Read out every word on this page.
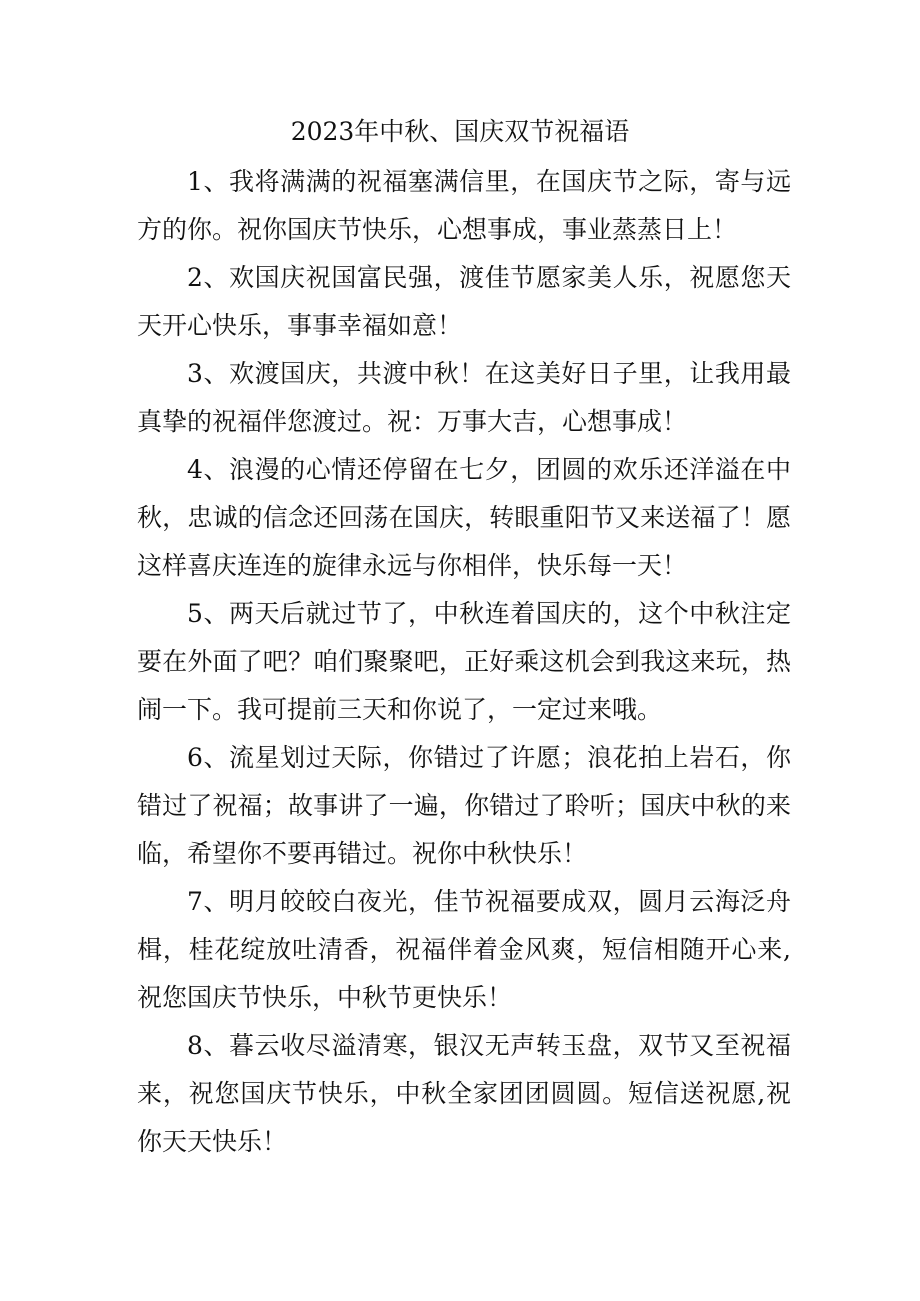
2023年中秋、国庆双节祝福语

1、我将满满的祝福塞满信里，在国庆节之际，寄与远方的你。祝你国庆节快乐，心想事成，事业蒸蒸日上！

2、欢国庆祝国富民强，渡佳节愿家美人乐，祝愿您天天开心快乐，事事幸福如意！

3、欢渡国庆，共渡中秋！在这美好日子里，让我用最真挚的祝福伴您渡过。祝：万事大吉，心想事成！

4、浪漫的心情还停留在七夕，团圆的欢乐还洋溢在中秋，忠诚的信念还回荡在国庆，转眼重阳节又来送福了！愿这样喜庆连连的旋律永远与你相伴，快乐每一天！

5、两天后就过节了，中秋连着国庆的，这个中秋注定要在外面了吧？咱们聚聚吧，正好乘这机会到我这来玩，热闹一下。我可提前三天和你说了，一定过来哦。

6、流星划过天际，你错过了许愿；浪花拍上岩石，你错过了祝福；故事讲了一遍，你错过了聆听；国庆中秋的来临，希望你不要再错过。祝你中秋快乐！

7、明月皎皎白夜光，佳节祝福要成双，圆月云海泛舟楫，桂花绽放吐清香，祝福伴着金风爽，短信相随开心来,祝您国庆节快乐，中秋节更快乐！

8、暮云收尽溢清寒，银汉无声转玉盘，双节又至祝福来，祝您国庆节快乐，中秋全家团团圆圆。短信送祝愿,祝你天天快乐！
